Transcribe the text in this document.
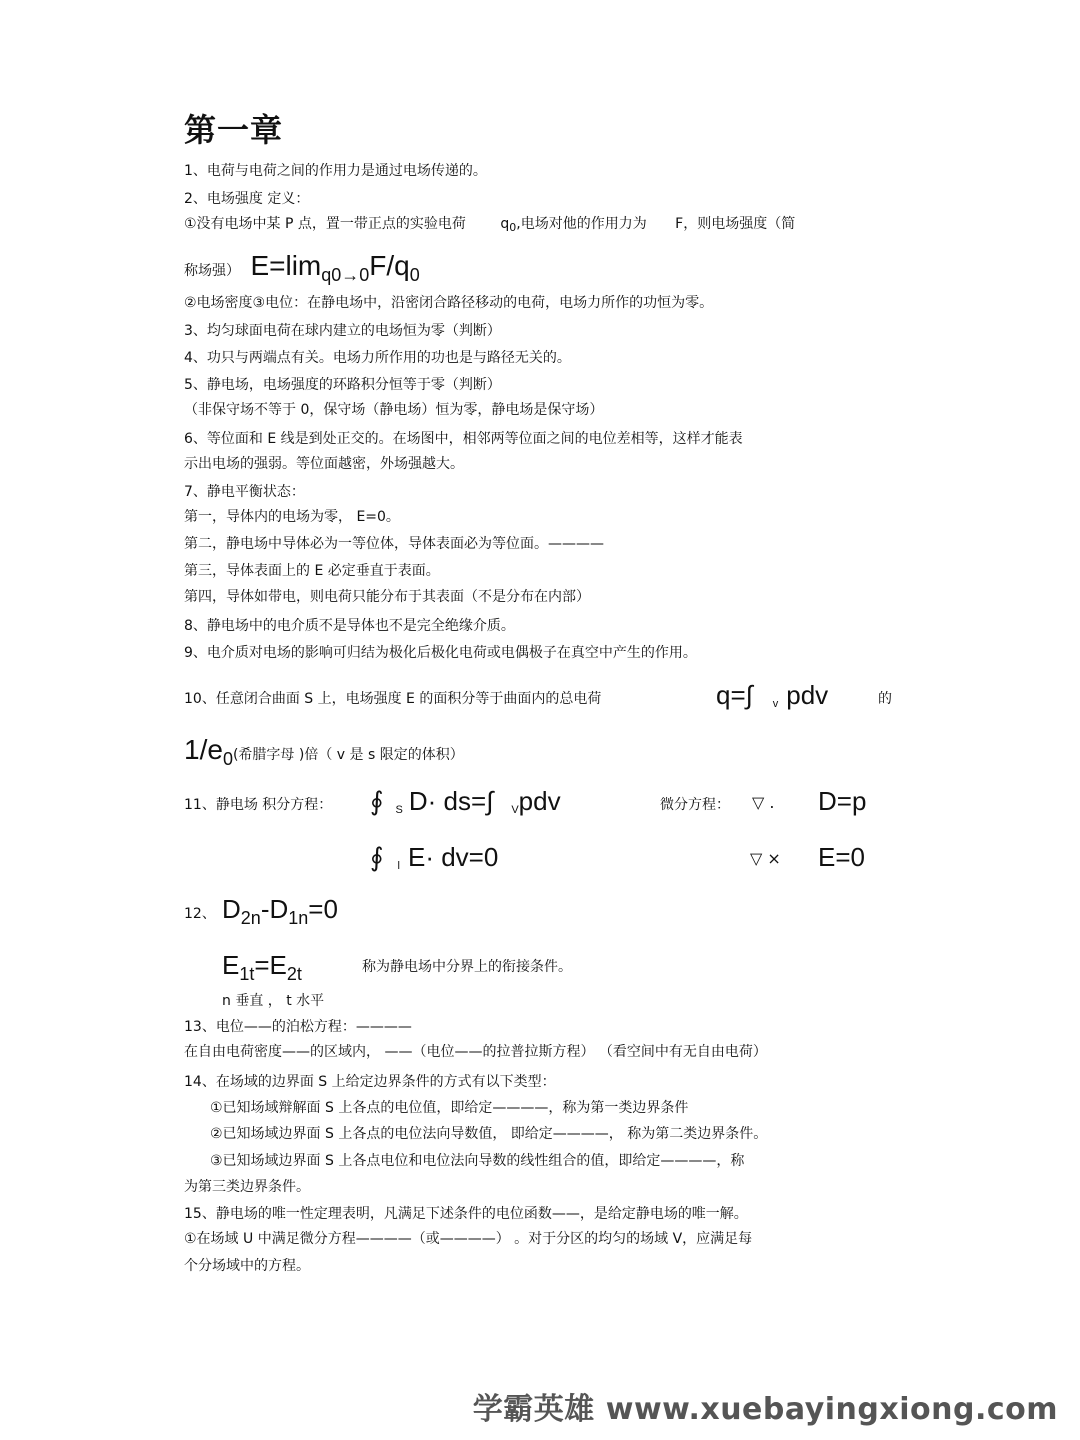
第一章
1、电荷与电荷之间的作用力是通过电场传递的。
2、电场强度 定义：
①没有电场中某 P 点，置一带正点的实验电荷 $q_0$,电场对他的作用力为 F，则电场强度（简
称场强） $E=\lim_{q0\to 0}F/q_0$
②电场密度③电位：在静电场中，沿密闭合路径移动的电荷，电场力所作的功恒为零。
3、均匀球面电荷在球内建立的电场恒为零（判断）
4、功只与两端点有关。电场力所作用的功也是与路径无关的。
5、静电场，电场强度的环路积分恒等于零（判断）
（非保守场不等于 0，保守场（静电场）恒为零，静电场是保守场）
6、等位面和 E 线是到处正交的。在场图中，相邻两等位面之间的电位差相等，这样才能表
示出电场的强弱。等位面越密，外场强越大。
7、静电平衡状态：
第一，导体内的电场为零， E=0。
第二，静电场中导体必为一等位体，导体表面必为等位面。————
第三，导体表面上的 E 必定垂直于表面。
第四，导体如带电，则电荷只能分布于其表面（不是分布在内部）
8、静电场中的电介质不是导体也不是完全绝缘介质。
9、电介质对电场的影响可归结为极化后极化电荷或电偶极子在真空中产生的作用。
10、任意闭合曲面 S 上，电场强度 E 的面积分等于曲面内的总电荷	q=∫ v pdv	的
$1/e_0$(希腊字母 )倍（ v 是 s 限定的体积）
11、静电场 积分方程： ∮ S D· ds=∫ Vpdv	微分方程： ▽ . D=p
∮ l E· dv=0	▽ × E=0
12、 $D_{2n}-D_{1n}=0$
$E_{1t}=E_{2t}$	称为静电场中分界上的衔接条件。
n 垂直 ， t 水平
13、电位——的泊松方程：————
在自由电荷密度——的区域内， ——（电位——的拉普拉斯方程） （看空间中有无自由电荷）
14、在场域的边界面 S 上给定边界条件的方式有以下类型：
①已知场域辩解面 S 上各点的电位值，即给定————，称为第一类边界条件
②已知场域边界面 S 上各点的电位法向导数值， 即给定————， 称为第二类边界条件。
③已知场域边界面 S 上各点电位和电位法向导数的线性组合的值，即给定————，称
为第三类边界条件。
15、静电场的唯一性定理表明，凡满足下述条件的电位函数——，是给定静电场的唯一解。
①在场域 U 中满足微分方程————（或————） 。对于分区的均匀的场域 V，应满足每
个分场域中的方程。
学霸英雄 www.xuebayingxiong.com
